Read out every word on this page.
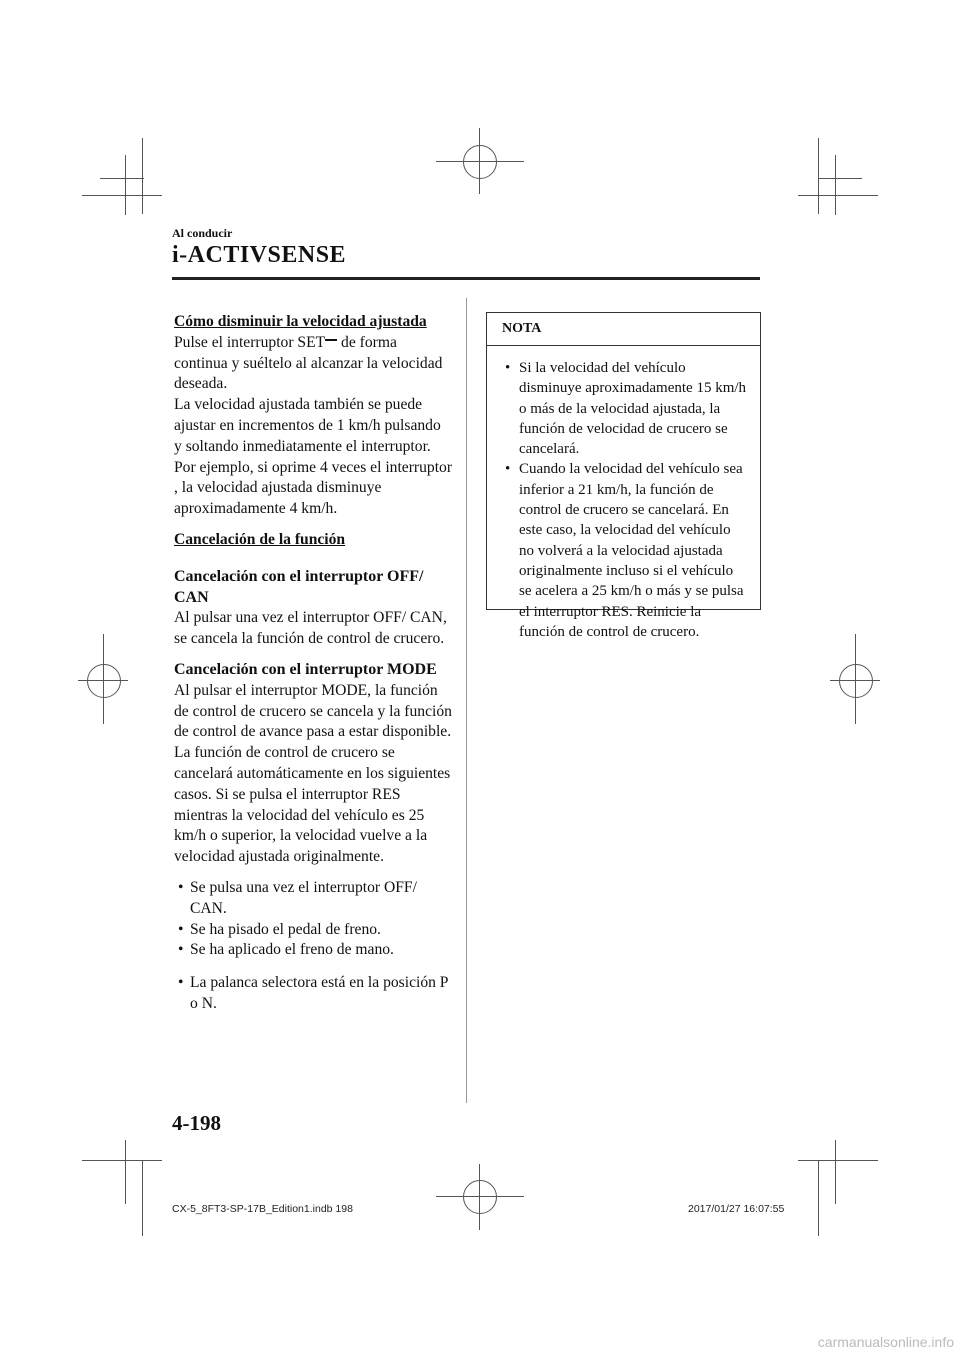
Al conducir
i-ACTIVSENSE

Cómo disminuir la velocidad ajustada

Pulse el interruptor SET de forma continua y suéltelo al alcanzar la velocidad deseada.

La velocidad ajustada también se puede ajustar en incrementos de 1 km/h pulsando y soltando inmediatamente el interruptor. Por ejemplo, si oprime 4 veces el interruptor , la velocidad ajustada disminuye aproximadamente 4 km/h.

Cancelación de la función

Cancelación con el interruptor OFF/ CAN

Al pulsar una vez el interruptor OFF/ CAN, se cancela la función de control de crucero.

Cancelación con el interruptor MODE

Al pulsar el interruptor MODE, la función de control de crucero se cancela y la función de control de avance pasa a estar disponible.

La función de control de crucero se cancelará automáticamente en los siguientes casos. Si se pulsa el interruptor RES mientras la velocidad del vehículo es 25 km/h o superior, la velocidad vuelve a la velocidad ajustada originalmente.

• Se pulsa una vez el interruptor OFF/ CAN.
• Se ha pisado el pedal de freno.
• Se ha aplicado el freno de mano.
• La palanca selectora está en la posición P o N.
NOTA
• Si la velocidad del vehículo disminuye aproximadamente 15 km/h o más de la velocidad ajustada, la función de velocidad de crucero se cancelará.
• Cuando la velocidad del vehículo sea inferior a 21 km/h, la función de control de crucero se cancelará. En este caso, la velocidad del vehículo no volverá a la velocidad ajustada originalmente incluso si el vehículo se acelera a 25 km/h o más y se pulsa el interruptor RES. Reinicie la función de control de crucero.
4-198
CX-5_8FT3-SP-17B_Edition1.indb 198	2017/01/27 16:07:55
carmanualsonline.info
